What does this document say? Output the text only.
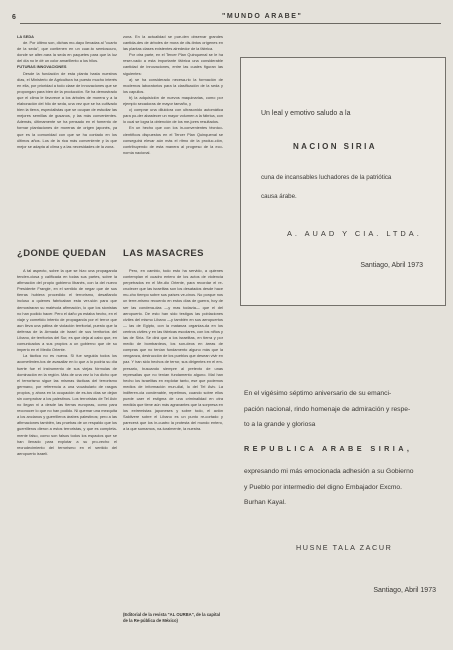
6	"MUNDO ARABE"

LA SEDA

de. Por último son, dichas mo-dayo llevadas al "cuarto de la seda", que contienen en un cuar-to semioscuro, donde se alter-nara la seda en paquetes para que la luz del día no le dé un color amarillento a los hilos.

FUTURAS INNOVACIONES

Desde la fundación de esta planta hasta nuestros días, el Ministerio de Agricultura ha puesto mucho interés en ella, por prioridad a todo clase de innovaciones que se propongan para bien de la producción. Se ha demostrado que el clima le favorece a los árboles de morera y a la elaboración del hilo de seda, una vez que se ha cultivado bien la tierra, especialistas que se ocupan de estudiar las mejores semillas de gusanos, y las más convenientes. Además, últimamente se ha pensado en el fomento de formar plantaciones de moreras de origen japonés, ya que es la comunidad con que se ha contado en los últimos años. Los de la rica más conveniente y la que mejor se adapta al clima y a las necesidades de la zona.

zona. En la actualidad se pue-den observar grandes cantida-des de árboles de mora de dis-tintos orígenes en las plantas clases existentes alrededor de la fábrica.

Por otra parte, en el Tercer Plan Quinquenal se le ha reser-vado a esta importante fábrica una considerable cantidad de innovaciones, entre las cuales figuran las siguientes:

a) se ha considerado necesa-rio la formación de modernos laboratorios para la clasificación de la seda y los capullos.

b) la adquisición de nuevos maquinarias, como por ejemplo secadoras de mayor tamaño, y

c) comprar una diluidora con ultrasonido automática para po-der abastecer un mayor volumen a la fábrica, con lo cual se logra la obtención de los me-jores resultados.

En un hecho que con los in-convenientes técnico-científicos dispuestos en el Tercer Plan Quinquenal se conseguirá elevar aún más el ritmo de la produc-ción, contribuyendo de esta manera al progreso de la eco-nomía nacional.

¿DONDE QUEDAN LAS MASACRES

A tal aspecto, sobre la que se hizo una propaganda tenden-ciosa y calificada en todas sus partes, sobre la afirmación del propio gobierno libanés, con la del nuevo Presidente Frangie, en el sentido de negar que de sus tierras hubiera procedido el terrorismo, desafiando incluso a quienes fabricaban esta ver-sión para que demostraran su malévola afirmación, lo que los sionistas no han podido hacer. Pero el daño ya estaba hecho, en el viaje y cometido intento de propaganda por el terror que aun lleva una pátina de violación territorial, puesto que la defensa de la Armada de Israel de sus territorios del Líbano, de territorios del Sur, es que deja al cabo que, en comunicados a sus propios a un gobierno que de su imperio en el Medio Oriente.

La táctica no es nueva. Si fue seguida todos los acometimien-tos de avasallar en lo que a lo podría su día fuerte fue el instrumento de sus viejas fórmulas de dominación en la región. Más de una vez lo ha dicho que el terrorismo sigue las mismas tácticas del terrorismo germano, por referencia a una vocabulario de rasgos propios, y ahora en la ocupación de es-tos días se dejan sin comprobar a los palestinos. Los terroristas de Tel Aviv no llegan ni a desde las tierras europeas, como para reconocer lo que no han podido. Ni quemar una mezquita a los ancianos y guerrilleros árabes palestinos; pero a las afirmaciones también, las pruebas de un respaldo que los guerrilleros dieron a estos terroristas, y que es completa-mente falso, como son falsos todos los espacios que se han llenado para explotar a su pro-vecho el recrudecimiento del terrorismo en el sentido del aeropuerto israelí.

Pero, en cambio, todo esto ha servido, a quienes contemplan el cuadro entero de los actos de violencia perpetrados en el Me-dio Oriente, para recordar el re-crudecer que las israelitas son los desatados desde hace mu-cho tiempo sobre sus países ve-cinos. No porque nos un terre-mismo recuerdo en estos días de guerra, hoy de ser las condena-das —y mas todavía— que el del aeropuerto. De esto han sido testigos las poblaciones civiles del mismo Líbano —y también en sus aeropuertos— las de Egipto, con la matanza organiza-da en los centros civiles y en las fábricas escolares, con los niños y las de Siria. Se dirá que a los israelitas, en tierra y por medio de bombardeos, los son-deos en áreas de compras que no tenían fundamento alguno más que la venganza, destrucción de los pueblos que desean vivir en paz. Y han sido hechos de terror, sus dirigentes en el em-presario, buscando siempre al pretexto de unas represalias que no tenían fundamento alguno. Mal han hecho los israelitas en explotar tanto, ese que podemos medios de información mun-dial, lo del Tel Aviv. La indiferen-cia condenable, repetimos, cuando sobre ellos puede caer el estigma de una criminalidad en otra medida que tiene aún más agravantes que la sorpresa en los extremistas japoneses y sobre todo, el avión Saldivere sobre el Líbano es un punto re-cortado y parecerá que los in-cuatro la protesta del mundo entero, a la que sumamos, na-turalmente, la nuestra.

(Editorial de la revista "AL OURBA", de la capital de la Re-pública de México)
Un leal y emotivo saludo a la
NACION SIRIA
cuna de incansables luchadores de la patriótica
causa árabe.
A. AUAD Y CIA. LTDA.
Santiago, Abril 1973
En el vigésimo séptimo aniversario de su emanci-
pación nacional, rindo homenaje de admiración y respe-
to a la grande y gloriosa
REPUBLICA ARABE SIRIA,
expresando mi más emocionada adhesión a su Gobierno
y Pueblo por intermedio del digno Embajador Excmo.
Burhan Kayal.
HUSNE TALA ZACUR
Santiago, Abril 1973
